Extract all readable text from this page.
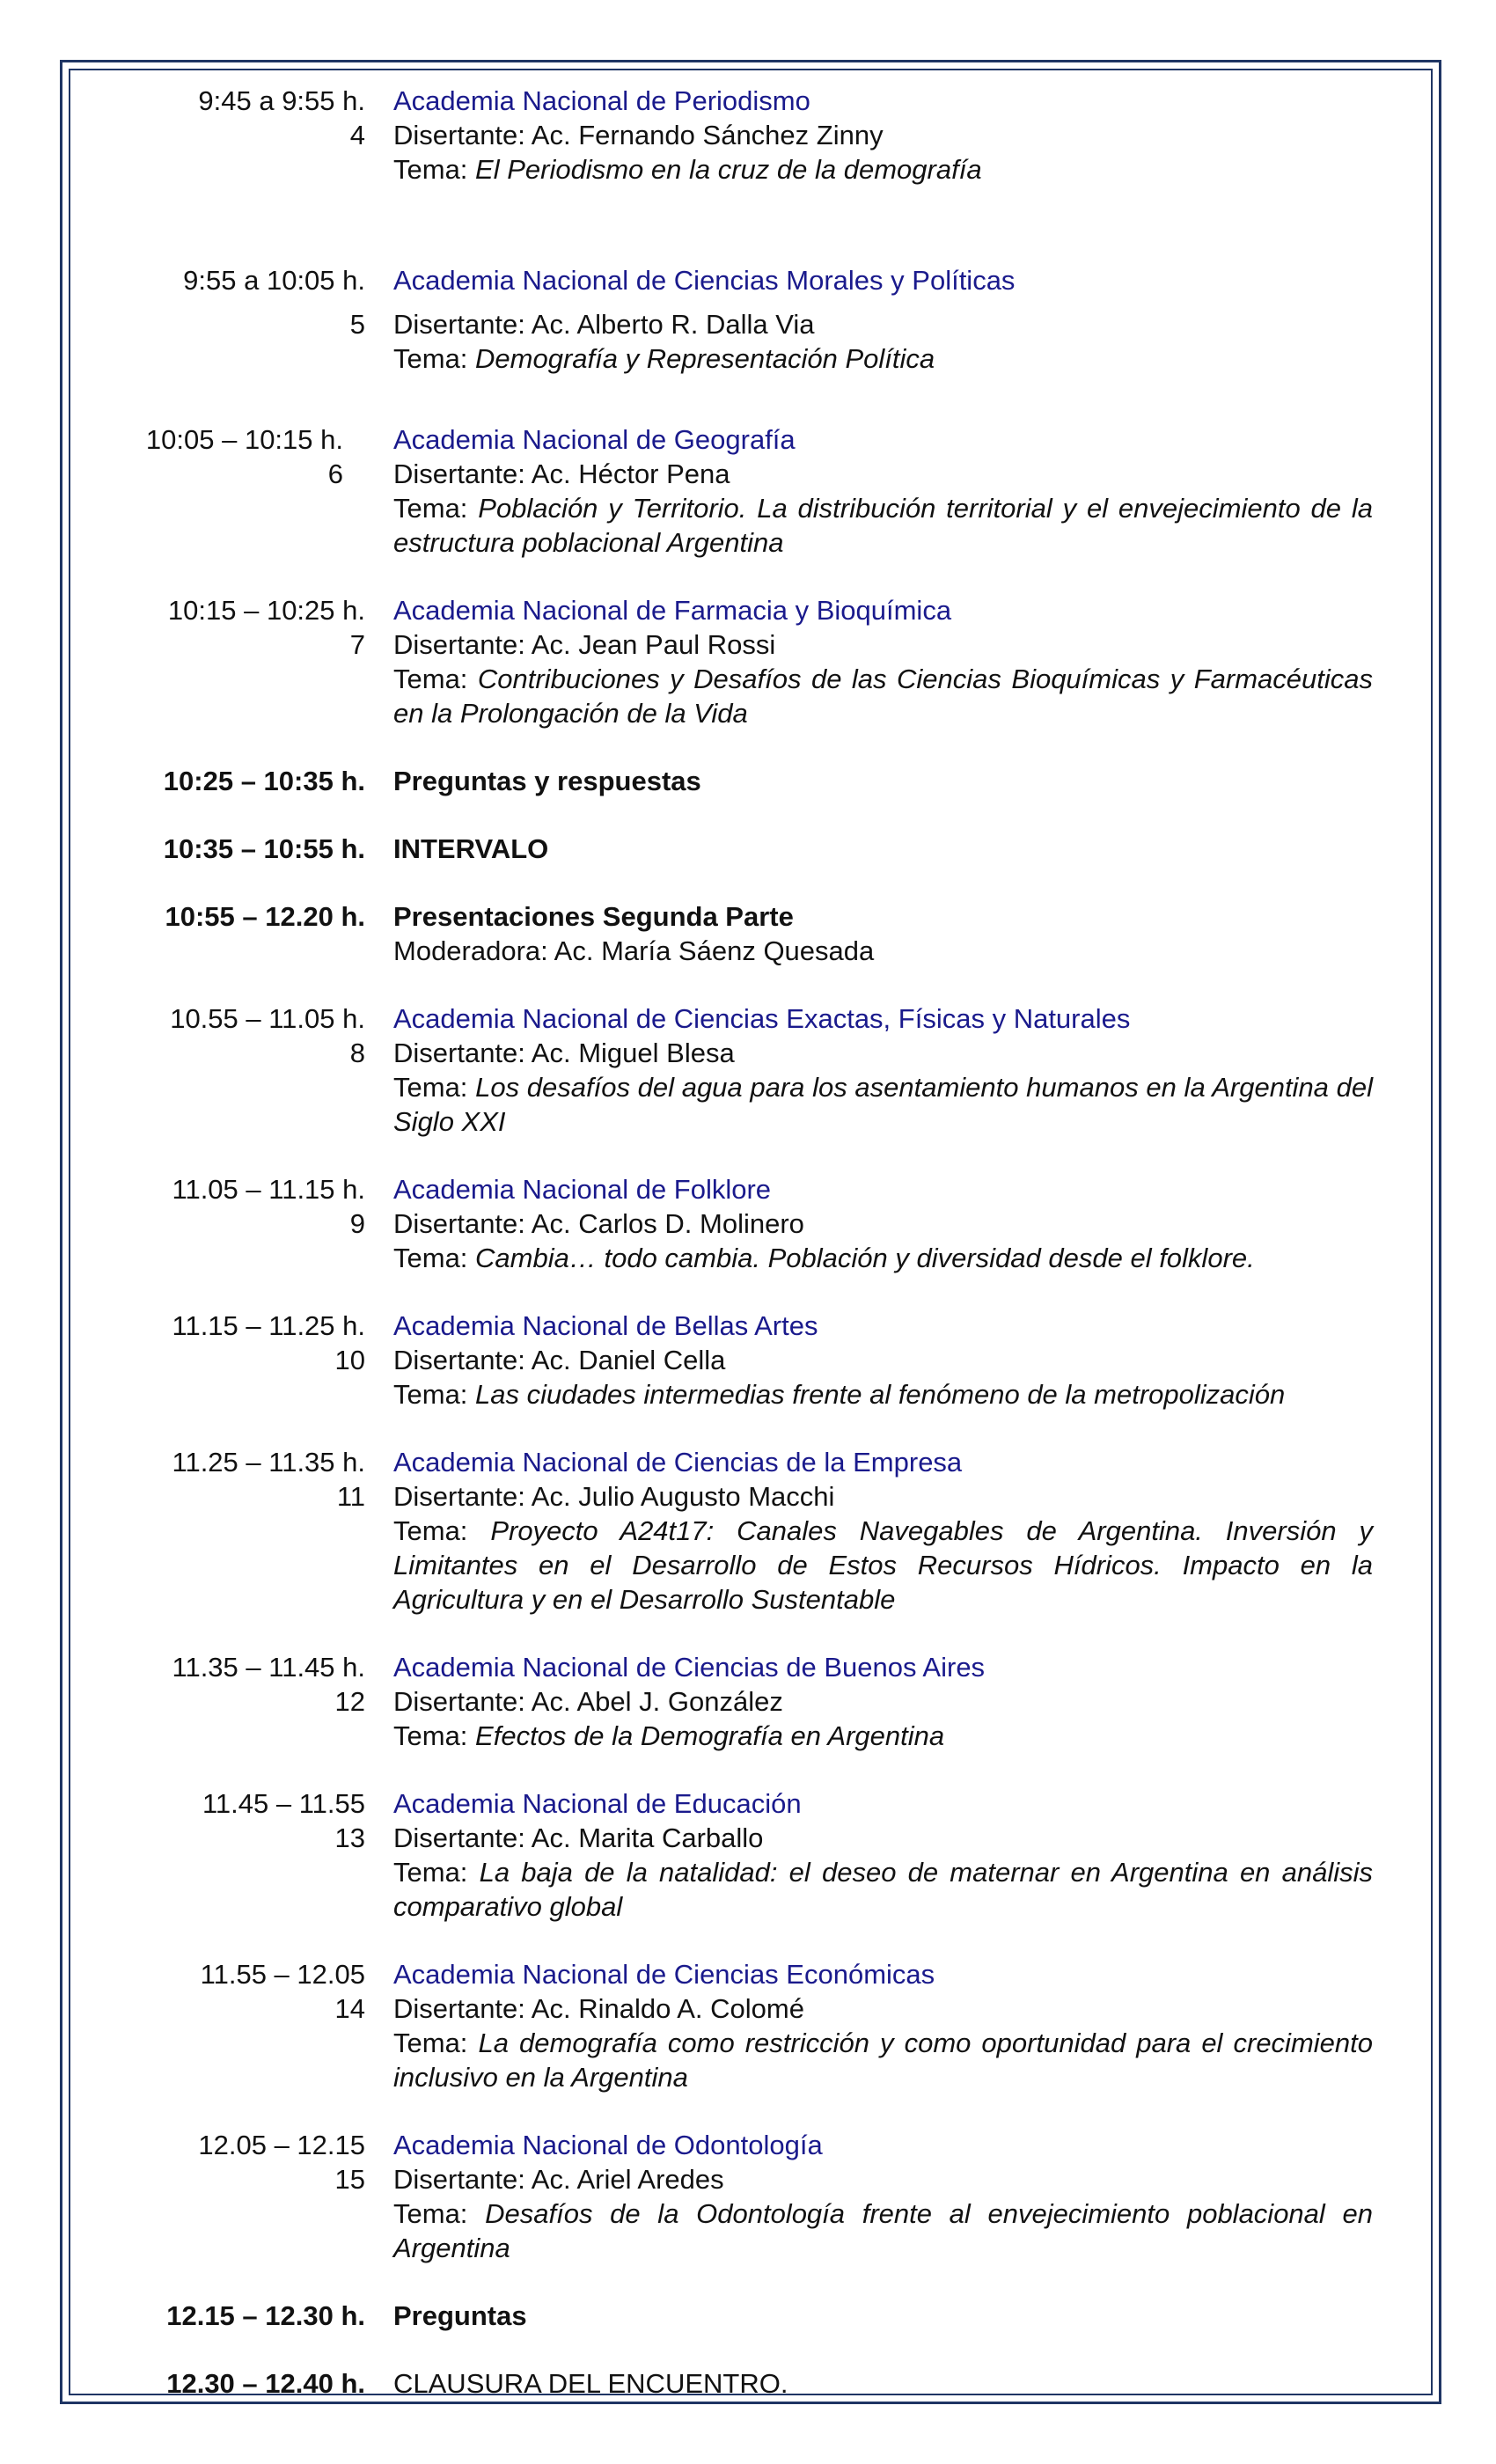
9:45 a 9:55 h.
4
Academia Nacional de Periodismo
Disertante: Ac. Fernando Sánchez Zinny
Tema: El Periodismo en la cruz de la demografía
9:55 a 10:05 h.
5
Academia Nacional de Ciencias Morales y Políticas
Disertante: Ac. Alberto R. Dalla Via
Tema: Demografía y Representación Política
10:05 – 10:15 h.
6
Academia Nacional de Geografía
Disertante: Ac. Héctor Pena
Tema: Población y Territorio. La distribución territorial y el envejecimiento de la estructura poblacional Argentina
10:15 – 10:25 h.
7
Academia Nacional de Farmacia y Bioquímica
Disertante: Ac. Jean Paul Rossi
Tema: Contribuciones y Desafíos de las Ciencias Bioquímicas y Farmacéuticas en la Prolongación de la Vida
10:25 – 10:35 h. Preguntas y respuestas
10:35 – 10:55 h. INTERVALO
10:55 – 12.20 h. Presentaciones Segunda Parte
Moderadora: Ac. María Sáenz Quesada
10.55 – 11.05 h.
8
Academia Nacional de Ciencias Exactas, Físicas y Naturales
Disertante: Ac. Miguel Blesa
Tema: Los desafíos del agua para los asentamiento humanos en la Argentina del Siglo XXI
11.05 – 11.15 h.
9
Academia Nacional de Folklore
Disertante: Ac. Carlos D. Molinero
Tema: Cambia… todo cambia. Población y diversidad desde el folklore.
11.15 – 11.25 h.
10
Academia Nacional de Bellas Artes
Disertante: Ac. Daniel Cella
Tema: Las ciudades intermedias frente al fenómeno de la metropolización
11.25 – 11.35 h.
11
Academia Nacional de Ciencias de la Empresa
Disertante: Ac. Julio Augusto Macchi
Tema: Proyecto A24t17: Canales Navegables de Argentina. Inversión y Limitantes en el Desarrollo de Estos Recursos Hídricos. Impacto en la Agricultura y en el Desarrollo Sustentable
11.35 – 11.45 h.
12
Academia Nacional de Ciencias de Buenos Aires
Disertante: Ac. Abel J. González
Tema: Efectos de la Demografía en Argentina
11.45 – 11.55
13
Academia Nacional de Educación
Disertante: Ac. Marita Carballo
Tema: La baja de la natalidad: el deseo de maternar en Argentina en análisis comparativo global
11.55 – 12.05
14
Academia Nacional de Ciencias Económicas
Disertante: Ac. Rinaldo A. Colomé
Tema: La demografía como restricción y como oportunidad para el crecimiento inclusivo en la Argentina
12.05 – 12.15
15
Academia Nacional de Odontología
Disertante: Ac. Ariel Aredes
Tema: Desafíos de la Odontología frente al envejecimiento poblacional en Argentina
12.15 – 12.30 h. Preguntas
12.30 – 12.40 h. CLAUSURA DEL ENCUENTRO.
